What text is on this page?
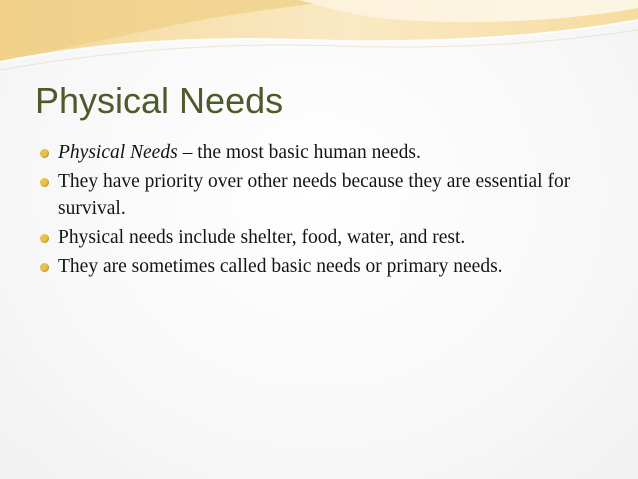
Physical Needs
Physical Needs – the most basic human needs.
They have priority over other needs because they are essential for survival.
Physical needs include shelter, food, water, and rest.
They are sometimes called basic needs or primary needs.
